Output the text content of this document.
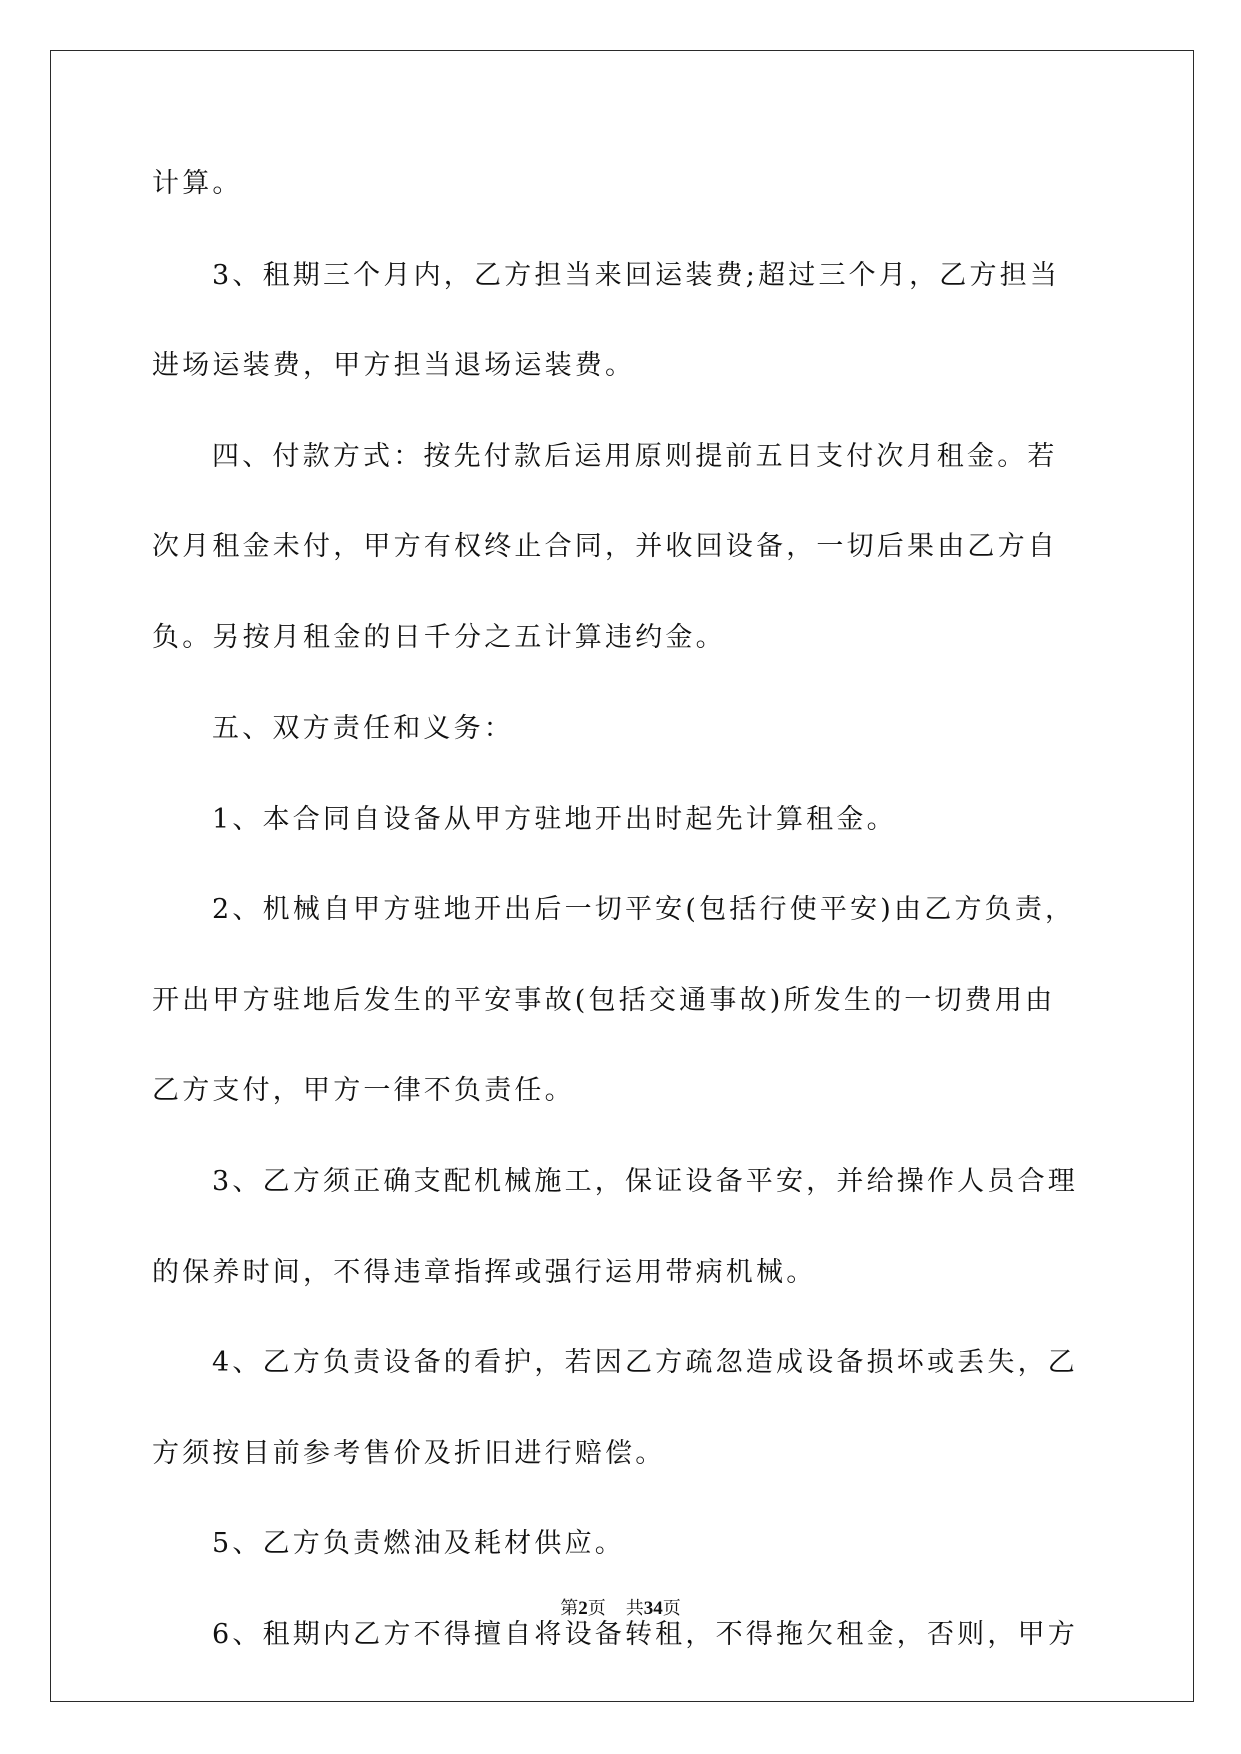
计算。

3、租期三个月内，乙方担当来回运装费;超过三个月，乙方担当

进场运装费，甲方担当退场运装费。

四、付款方式：按先付款后运用原则提前五日支付次月租金。若

次月租金未付，甲方有权终止合同，并收回设备，一切后果由乙方自

负。另按月租金的日千分之五计算违约金。

五、双方责任和义务：

1、本合同自设备从甲方驻地开出时起先计算租金。

2、机械自甲方驻地开出后一切平安(包括行使平安)由乙方负责，

开出甲方驻地后发生的平安事故(包括交通事故)所发生的一切费用由

乙方支付，甲方一律不负责任。

3、乙方须正确支配机械施工，保证设备平安，并给操作人员合理

的保养时间，不得违章指挥或强行运用带病机械。

4、乙方负责设备的看护，若因乙方疏忽造成设备损坏或丢失，乙

方须按目前参考售价及折旧进行赔偿。

5、乙方负责燃油及耗材供应。

6、租期内乙方不得擅自将设备转租，不得拖欠租金，否则，甲方

第2页 共34页
